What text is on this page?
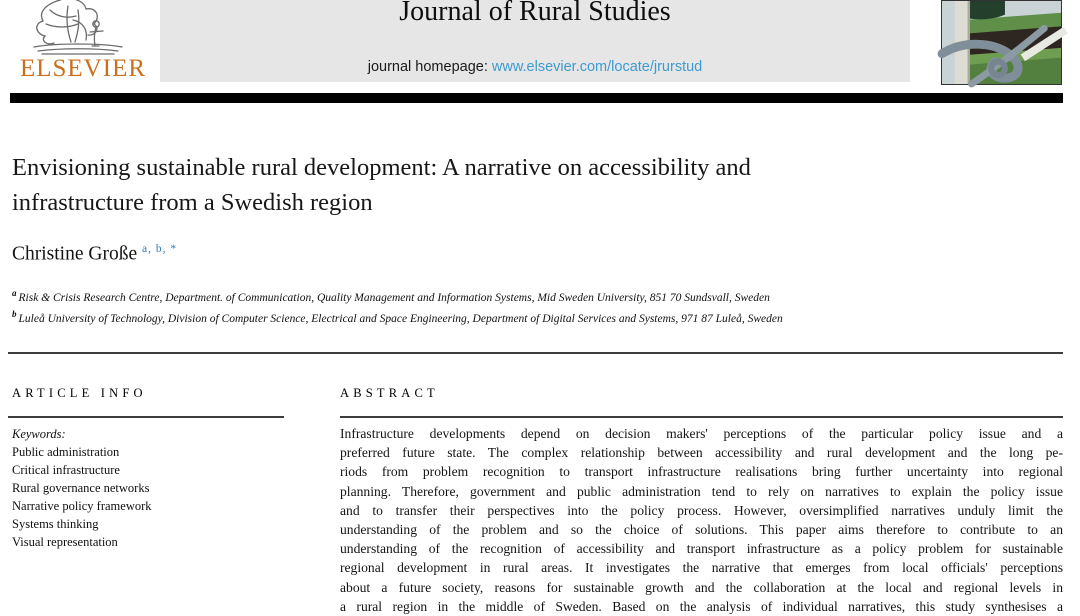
ELSEVIER
Journal of Rural Studies
journal homepage: www.elsevier.com/locate/jrurstud
Envisioning sustainable rural development: A narrative on accessibility and
infrastructure from a Swedish region
Christine Große $^{a, b, *}$
$^a$ Risk & Crisis Research Centre, Department. of Communication, Quality Management and Information Systems, Mid Sweden University, 851 70 Sundsvall, Sweden
$^b$ Luleå University of Technology, Division of Computer Science, Electrical and Space Engineering, Department of Digital Services and Systems, 971 87 Luleå, Sweden
ARTICLE INFO
Keywords:
Public administration
Critical infrastructure
Rural governance networks
Narrative policy framework
Systems thinking
Visual representation
ABSTRACT
Infrastructure developments depend on decision makers' perceptions of the particular policy issue and a
preferred future state. The complex relationship between accessibility and rural development and the long pe-
riods from problem recognition to transport infrastructure realisations bring further uncertainty into regional
planning. Therefore, government and public administration tend to rely on narratives to explain the policy issue
and to transfer their perspectives into the policy process. However, oversimplified narratives unduly limit the
understanding of the problem and so the choice of solutions. This paper aims therefore to contribute to an
understanding of the recognition of accessibility and transport infrastructure as a policy problem for sustainable
regional development in rural areas. It investigates the narrative that emerges from local officials' perceptions
about a future society, reasons for sustainable growth and the collaboration at the local and regional levels in
a rural region in the middle of Sweden. Based on the analysis of individual narratives, this study synthesises a
